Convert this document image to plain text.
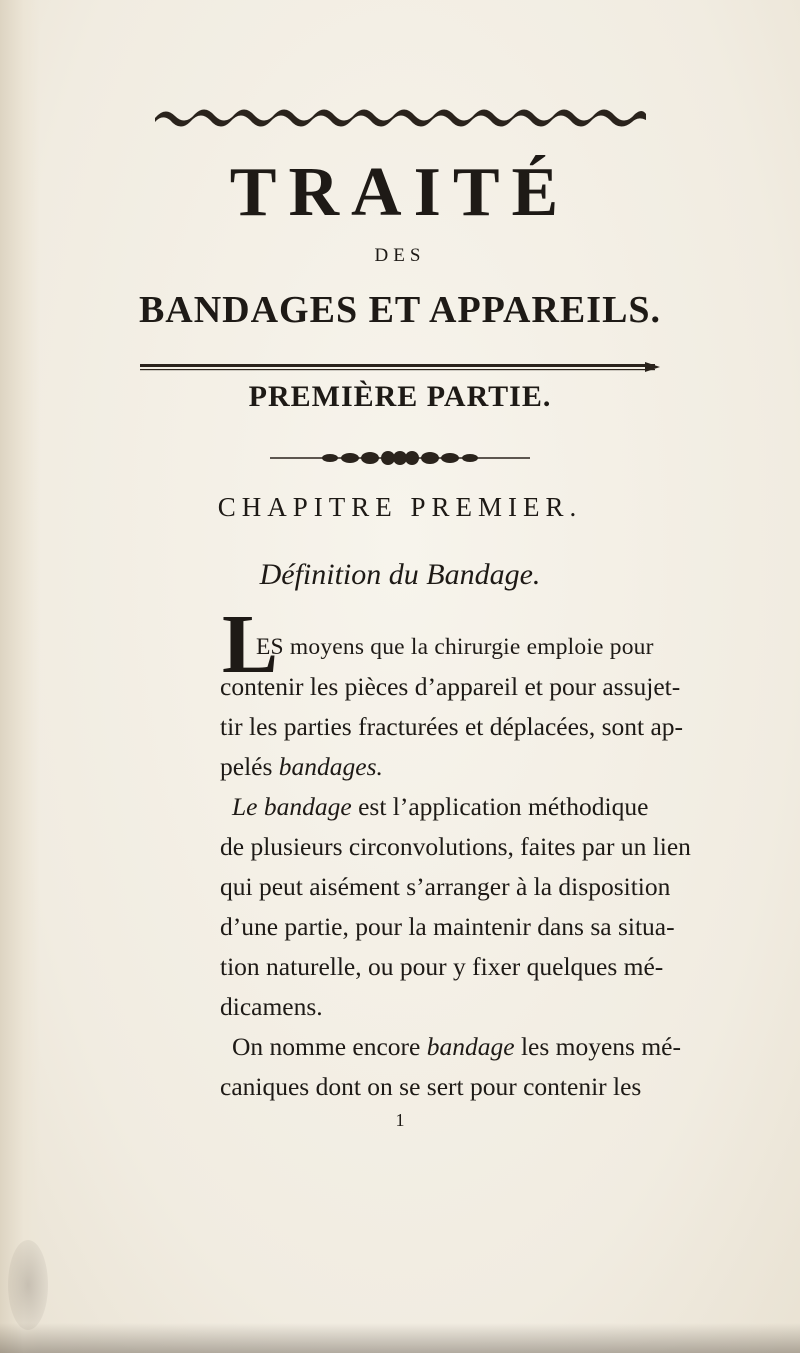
TRAITÉ
DES
BANDAGES ET APPAREILS.
PREMIÈRE PARTIE.
CHAPITRE PREMIER.
Définition du Bandage.
L
ES moyens que la chirurgie emploie pour
contenir les pièces d’appareil et pour assujet-
tir les parties fracturées et déplacées, sont ap-
pelés bandages.
Le bandage est l’application méthodique
de plusieurs circonvolutions, faites par un lien
qui peut aisément s’arranger à la disposition
d’une partie, pour la maintenir dans sa situa-
tion naturelle, ou pour y fixer quelques mé-
dicamens.
On nomme encore bandage les moyens mé-
caniques dont on se sert pour contenir les
1
